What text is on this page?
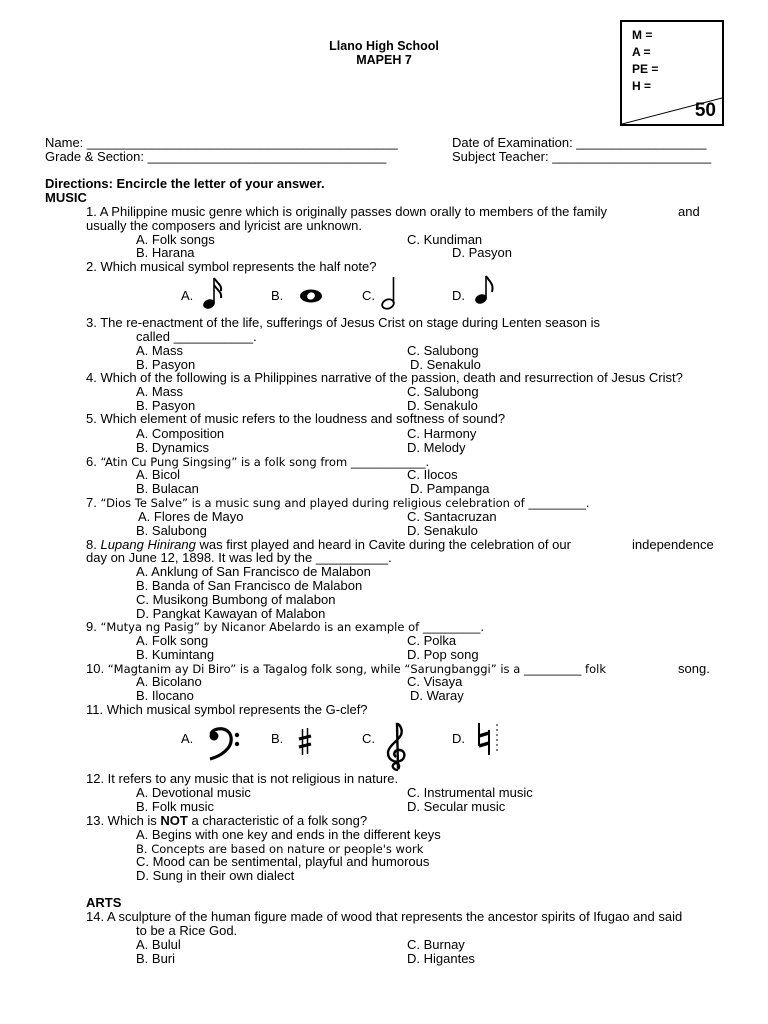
Llano High School
MAPEH 7
M =
A =
PE =
H =
50
Name: ___________________________________________	Date of Examination: __________________
Grade & Section: _________________________________	Subject Teacher: ______________________
Directions: Encircle the letter of your answer.
MUSIC
1. A Philippine music genre which is originally passes down orally to members of the family	and
usually the composers and lyricist are unknown.
A. Folk songs	C. Kundiman
B. Harana	D. Pasyon
2. Which musical symbol represents the half note?
A.	B.	C.	D.
3. The re-enactment of the life, sufferings of Jesus Crist on stage during Lenten season is
called ___________.
A. Mass	C. Salubong
B. Pasyon	D. Senakulo
4. Which of the following is a Philippines narrative of the passion, death and resurrection of Jesus Crist?
A. Mass	C. Salubong
B. Pasyon	D. Senakulo
5. Which element of music refers to the loudness and softness of sound?
A. Composition	C. Harmony
B. Dynamics	D. Melody
6. “Atin Cu Pung Singsing” is a folk song from _____________.
A. Bicol	C. Ilocos
B. Bulacan	D. Pampanga
7. “Dios Te Salve” is a music sung and played during religious celebration of __________.
A. Flores de Mayo	C. Santacruzan
B. Salubong	D. Senakulo
8. Lupang Hinirang was first played and heard in Cavite during the celebration of our	independence
day on June 12, 1898. It was led by the __________.
A. Anklung of San Francisco de Malabon
B. Banda of San Francisco de Malabon
C. Musikong Bumbong of malabon
D. Pangkat Kawayan of Malabon
9. “Mutya ng Pasig” by Nicanor Abelardo is an example of __________.
A. Folk song	C. Polka
B. Kumintang	D. Pop song
10. “Magtanim ay Di Biro” is a Tagalog folk song, while “Sarungbanggi” is a __________ folk	song.
A. Bicolano	C. Visaya
B. Ilocano	D. Waray
11. Which musical symbol represents the G-clef?
A.	B.	C.	D.
12. It refers to any music that is not religious in nature.
A. Devotional music	C. Instrumental music
B. Folk music	D. Secular music
13. Which is NOT a characteristic of a folk song?
A. Begins with one key and ends in the different keys
B. Concepts are based on nature or people's work
C. Mood can be sentimental, playful and humorous
D. Sung in their own dialect
ARTS
14. A sculpture of the human figure made of wood that represents the ancestor spirits of Ifugao and said
to be a Rice God.
A. Bulul	C. Burnay
B. Buri	D. Higantes
